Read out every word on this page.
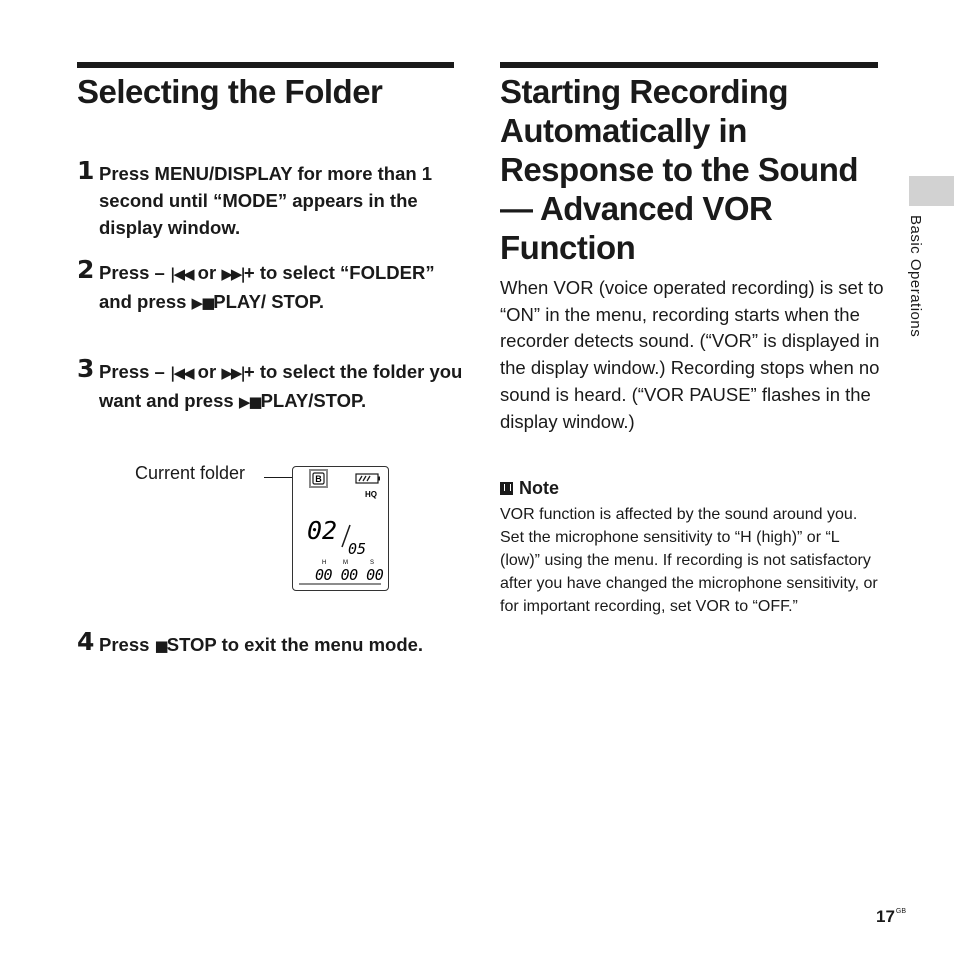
Selecting the Folder
1 Press MENU/DISPLAY for more than 1 second until “MODE” appears in the display window.
2 Press – |◀◀ or ▶▶|+ to select “FOLDER” and press ▶■PLAY/ STOP.
3 Press – |◀◀ or ▶▶|+ to select the folder you want and press ▶■PLAY/STOP.
Current folder	B
HQ
02
05
H	M	S
00 00 00
4 Press ■STOP to exit the menu mode.
Starting Recording Automatically in Response to the Sound — Advanced VOR Function

When VOR (voice operated recording) is set to “ON” in the menu, recording starts when the recorder detects sound. (“VOR” is displayed in the display window.) Recording stops when no sound is heard. (“VOR PAUSE” flashes in the display window.)

Note

VOR function is affected by the sound around you. Set the microphone sensitivity to “H (high)” or “L (low)” using the menu. If recording is not satisfactory after you have changed the microphone sensitivity, or for important recording, set VOR to “OFF.”

Basic Operations
$17^{GB}$
